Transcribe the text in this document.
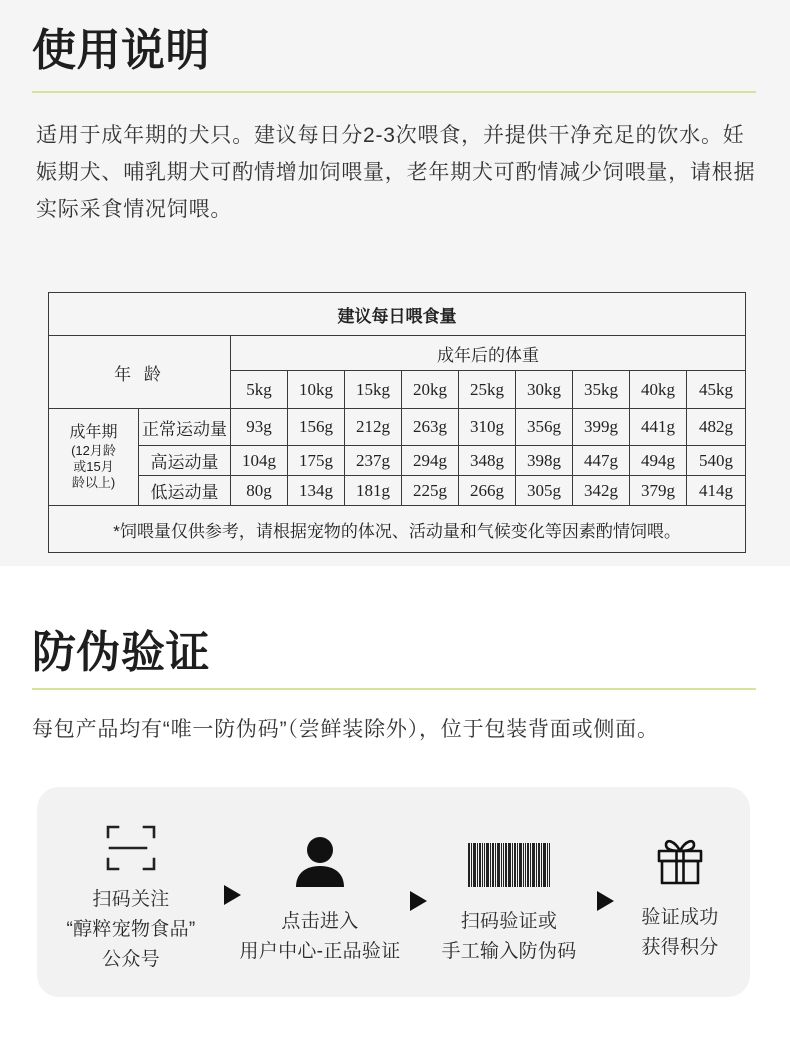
使用说明
适用于成年期的犬只。建议每日分2-3次喂食，并提供干净充足的饮水。妊娠期犬、哺乳期犬可酌情增加饲喂量，老年期犬可酌情减少饲喂量，请根据实际采食情况饲喂。
建议每日喂食量										
年 龄		成年后的体重								
		5kg	10kg	15kg	20kg	25kg	30kg	35kg	40kg	45kg

成年期
(12月龄
或15月
龄以上)	正常运动量	93g	156g	212g	263g	310g	356g	399g	441g	482g
	高运动量	104g	175g	237g	294g	348g	398g	447g	494g	540g
	低运动量	80g	134g	181g	225g	266g	305g	342g	379g	414g
*饲喂量仅供参考，请根据宠物的体况、活动量和气候变化等因素酌情饲喂。										
防伪验证
每包产品均有“唯一防伪码”（尝鲜装除外），位于包装背面或侧面。
扫码关注
“醇粹宠物食品”
公众号
点击进入
用户中心-正品验证
扫码验证或
手工输入防伪码
验证成功
获得积分
